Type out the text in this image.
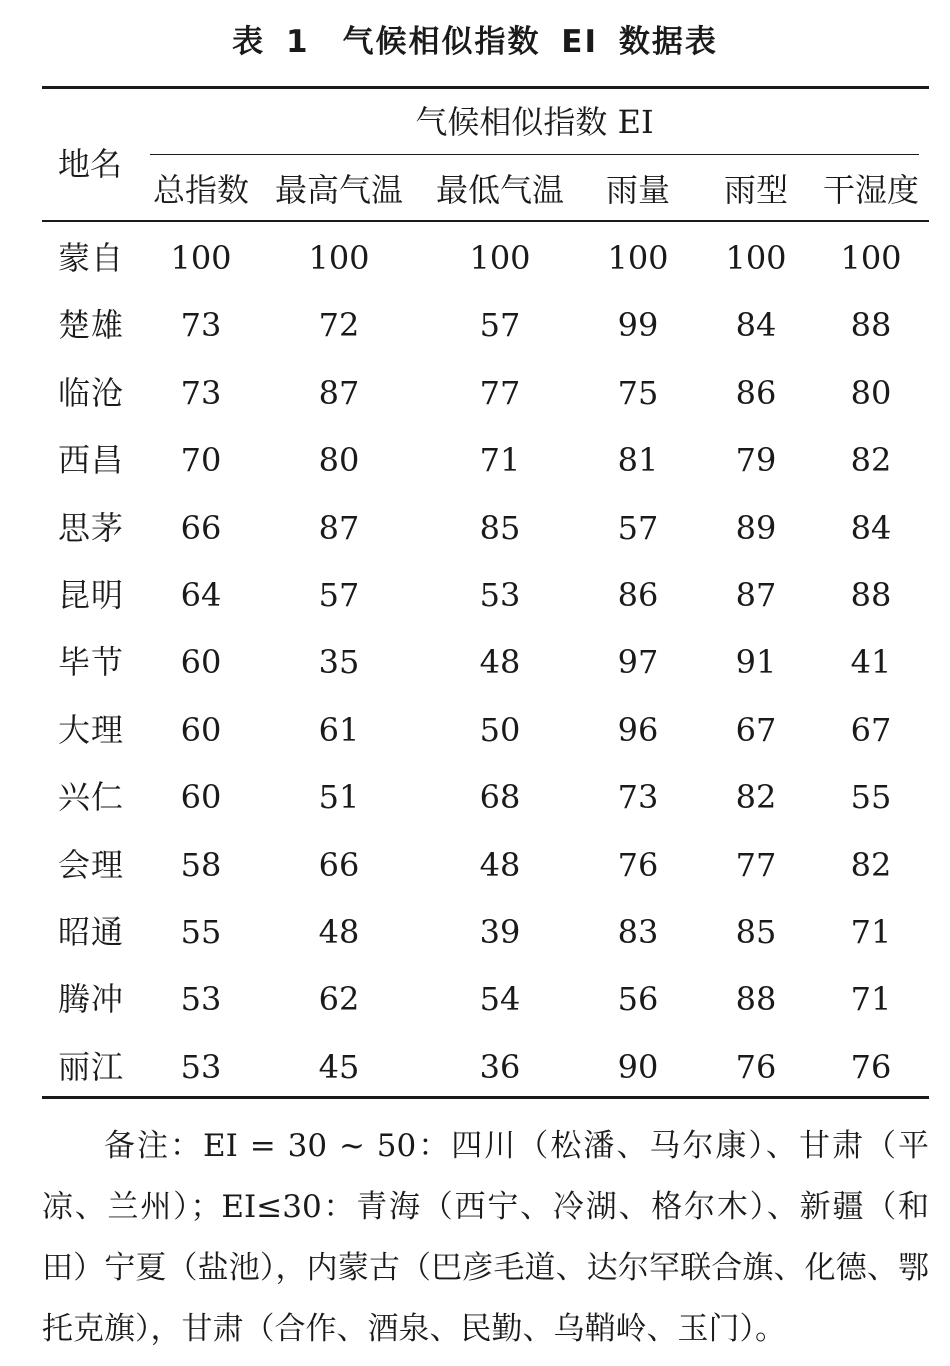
表 1　气候相似指数 EI 数据表
地名
气候相似指数 EI
总指数 最高气温 最低气温 雨量 雨型 干湿度
蒙自 100 100	100 100 100 100
楚雄 73	72	57	99 84 88
临沧 73	87	77	75 86 80
西昌 70	80	71	81 79 82
思茅 66	87	85	57 89 84
昆明 64	57	53	86 87 88
毕节 60	35	48	97 91 41
大理 60	61	50	96 67 67
兴仁 60	51	68	73 82 55
会理 58	66	48	76 77 82
昭通 55	48	39	83 85 71
腾冲 53	62	54	56 88 71
丽江 53	45	36	90 76 76
备注：EI = 30 ~ 50：四川（松潘、马尔康）、甘肃（平凉、兰州）；EI≤30：青海（西宁、冷湖、格尔木）、新疆（和田）宁夏（盐池），内蒙古（巴彦毛道、达尔罕联合旗、化德、鄂托克旗），甘肃（合作、酒泉、民勤、乌鞘岭、玉门）。
